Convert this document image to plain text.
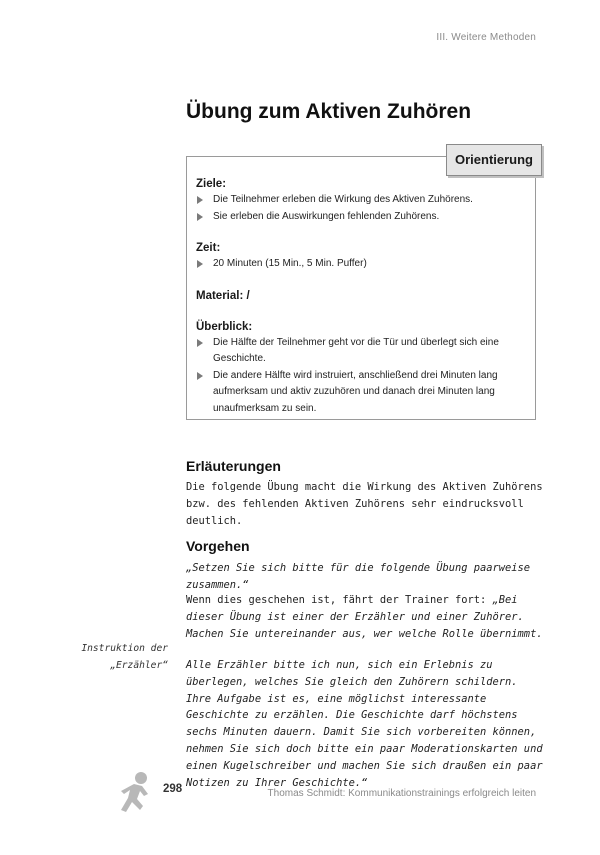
III. Weitere Methoden
Übung zum Aktiven Zuhören
Orientierung

Ziele:

Die Teilnehmer erleben die Wirkung des Aktiven Zuhörens.
Sie erleben die Auswirkungen fehlenden Zuhörens.

Zeit:

20 Minuten (15 Min., 5 Min. Puffer)

Material: /

Überblick:

Die Hälfte der Teilnehmer geht vor die Tür und überlegt sich eine Geschichte.
Die andere Hälfte wird instruiert, anschließend drei Minuten lang aufmerksam und aktiv zuzuhören und danach drei Minuten lang unaufmerksam zu sein.
Erläuterungen

Die folgende Übung macht die Wirkung des Aktiven Zuhörens bzw. des fehlenden Aktiven Zuhörens sehr eindrucksvoll deutlich.

Vorgehen

„Setzen Sie sich bitte für die folgende Übung paarweise zusammen.“

Wenn dies geschehen ist, fährt der Trainer fort: „Bei dieser Übung ist einer der Erzähler und einer Zuhörer. Machen Sie untereinander aus, wer welche Rolle übernimmt.

Instruktion der „Erzähler“ Alle Erzähler bitte ich nun, sich ein Erlebnis zu überlegen, welches Sie gleich den Zuhörern schildern. Ihre Aufgabe ist es, eine möglichst interessante Geschichte zu erzählen. Die Geschichte darf höchstens sechs Minuten dauern. Damit Sie sich vorbereiten können, nehmen Sie sich doch bitte ein paar Moderationskarten und einen Kugelschreiber und machen Sie sich draußen ein paar Notizen zu Ihrer Geschichte.“

298	Thomas Schmidt: Kommunikationstrainings erfolgreich leiten
